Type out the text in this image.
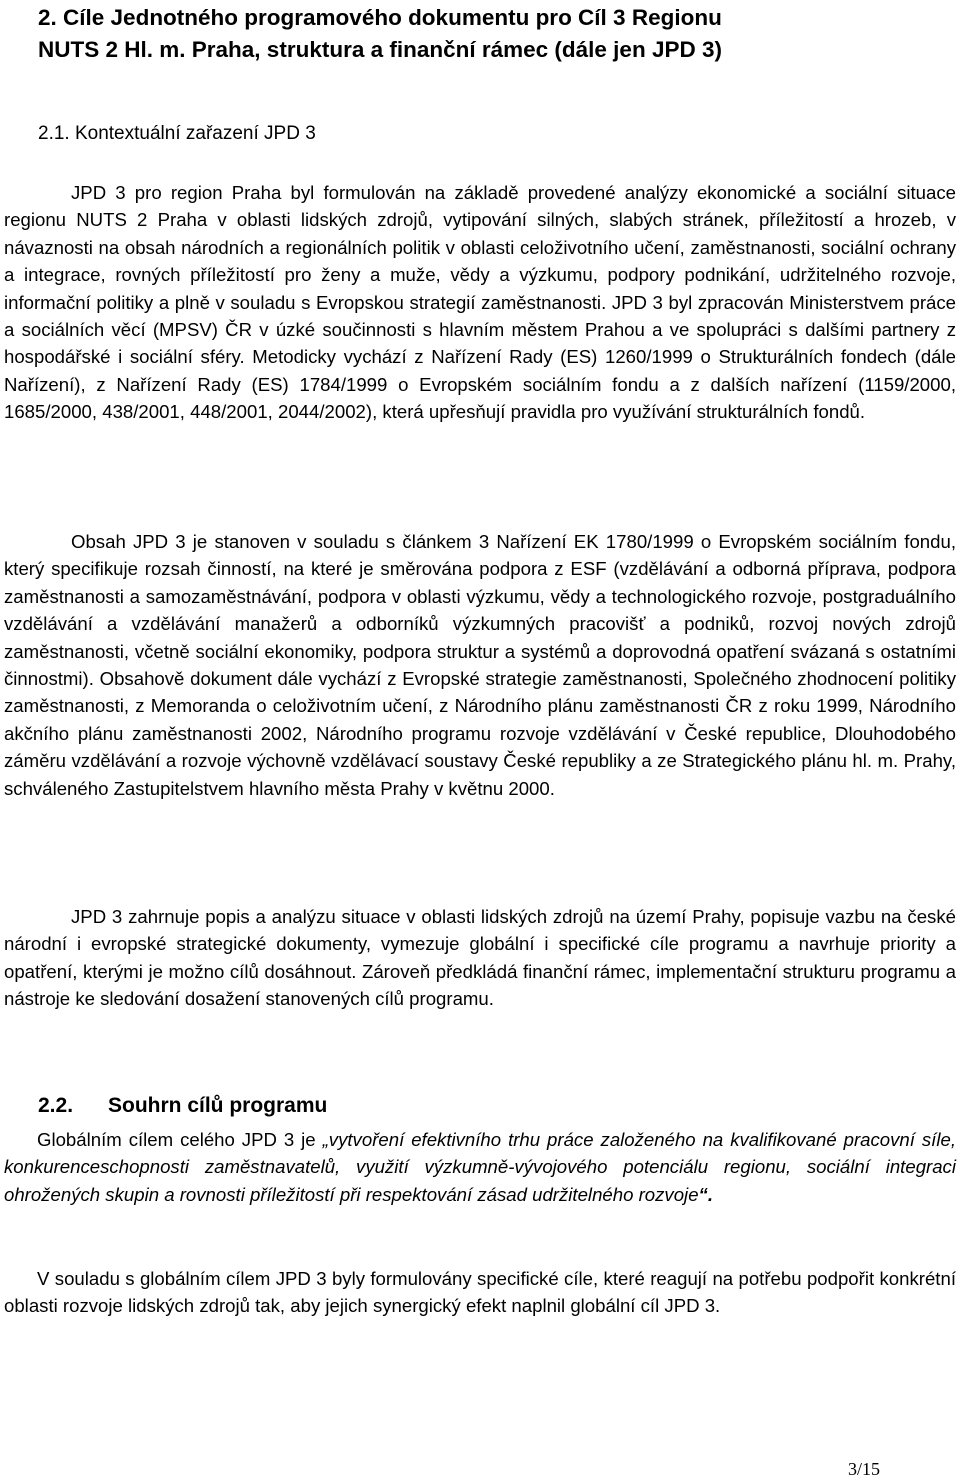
2. Cíle Jednotného programového dokumentu pro Cíl 3 Regionu
NUTS 2 Hl. m. Praha, struktura a finanční rámec (dále jen JPD 3)
2.1. Kontextuální zařazení JPD 3

JPD 3 pro region Praha byl formulován na základě provedené analýzy ekonomické a sociální situace regionu NUTS 2 Praha v oblasti lidských zdrojů, vytipování silných, slabých stránek, příležitostí a hrozeb, v návaznosti na obsah národních a regionálních politik v oblasti celoživotního učení, zaměstnanosti, sociální ochrany a integrace, rovných příležitostí pro ženy a muže, vědy a výzkumu, podpory podnikání, udržitelného rozvoje, informační politiky a plně v souladu s Evropskou strategií zaměstnanosti. JPD 3 byl zpracován Ministerstvem práce a sociálních věcí (MPSV) ČR v úzké součinnosti s hlavním městem Prahou a ve spolupráci s dalšími partnery z hospodářské i sociální sféry. Metodicky vychází z Nařízení Rady (ES) 1260/1999 o Strukturálních fondech (dále Nařízení), z Nařízení Rady (ES) 1784/1999 o Evropském sociálním fondu a z dalších nařízení (1159/2000, 1685/2000, 438/2001, 448/2001, 2044/2002), která upřesňují pravidla pro využívání strukturálních fondů.

Obsah JPD 3 je stanoven v souladu s článkem 3 Nařízení EK 1780/1999 o Evropském sociálním fondu, který specifikuje rozsah činností, na které je směrována podpora z ESF (vzdělávání a odborná příprava, podpora zaměstnanosti a samozaměstnávání, podpora v oblasti výzkumu, vědy a technologického rozvoje, postgraduálního vzdělávání a vzdělávání manažerů a odborníků výzkumných pracovišť a podniků, rozvoj nových zdrojů zaměstnanosti, včetně sociální ekonomiky, podpora struktur a systémů a doprovodná opatření svázaná s ostatními činnostmi). Obsahově dokument dále vychází z Evropské strategie zaměstnanosti, Společného zhodnocení politiky zaměstnanosti, z Memoranda o celoživotním učení, z Národního plánu zaměstnanosti ČR z roku 1999, Národního akčního plánu zaměstnanosti 2002, Národního programu rozvoje vzdělávání v České republice, Dlouhodobého záměru vzdělávání a rozvoje výchovně vzdělávací soustavy České republiky a ze Strategického plánu hl. m. Prahy, schváleného Zastupitelstvem hlavního města Prahy v květnu 2000.

JPD 3 zahrnuje popis a analýzu situace v oblasti lidských zdrojů na území Prahy, popisuje vazbu na české národní i evropské strategické dokumenty, vymezuje globální i specifické cíle programu a navrhuje priority a opatření, kterými je možno cílů dosáhnout. Zároveň předkládá finanční rámec, implementační strukturu programu a nástroje ke sledování dosažení stanovených cílů programu.

2.2. Souhrn cílů programu

Globálním cílem celého JPD 3 je „vytvoření efektivního trhu práce založeného na kvalifikované pracovní síle, konkurenceschopnosti zaměstnavatelů, využití výzkumně-vývojového potenciálu regionu, sociální integraci ohrožených skupin a rovnosti příležitostí při respektování zásad udržitelného rozvoje“.

V souladu s globálním cílem JPD 3 byly formulovány specifické cíle, které reagují na potřebu podpořit konkrétní oblasti rozvoje lidských zdrojů tak, aby jejich synergický efekt naplnil globální cíl JPD 3.

3/15
